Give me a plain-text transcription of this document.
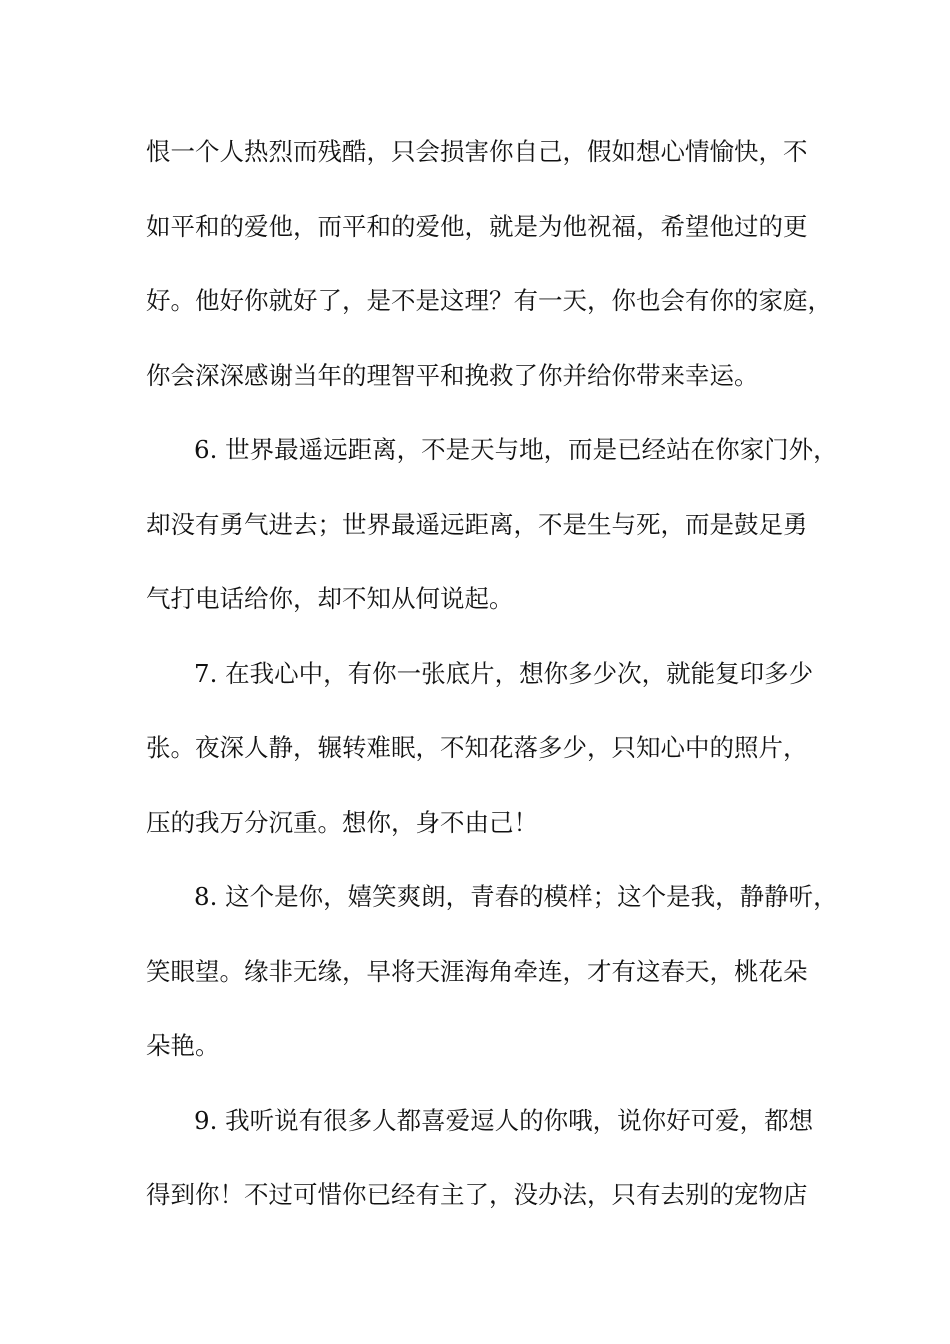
恨一个人热烈而残酷，只会损害你自己，假如想心情愉快，不
如平和的爱他，而平和的爱他，就是为他祝福，希望他过的更
好。他好你就好了，是不是这理？有一天，你也会有你的家庭，
你会深深感谢当年的理智平和挽救了你并给你带来幸运。
6. 世界最遥远距离，不是天与地，而是已经站在你家门外，
却没有勇气进去；世界最遥远距离，不是生与死，而是鼓足勇
气打电话给你，却不知从何说起。
7. 在我心中，有你一张底片，想你多少次，就能复印多少
张。夜深人静，辗转难眠，不知花落多少，只知心中的照片，
压的我万分沉重。想你，身不由己！
8. 这个是你，嬉笑爽朗，青春的模样；这个是我，静静听，
笑眼望。缘非无缘，早将天涯海角牵连，才有这春天，桃花朵
朵艳。
9. 我听说有很多人都喜爱逗人的你哦，说你好可爱，都想
得到你！不过可惜你已经有主了，没办法，只有去别的宠物店
